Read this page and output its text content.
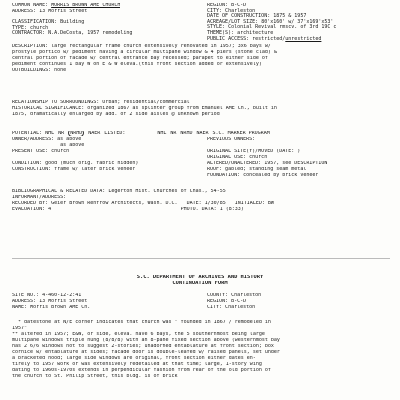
COMMON NAME: MORRIS BROWN AME CHURCH
ADDRESS: 13 Morris Street
CLASSIFICATION: Building
TYPE: church
CONTRACTOR: N.A.DeCosta, 1957 remodeling
REGION: B-C-D
CITY: Charleston
DATE OF CONSTRUCTION: 1875 & 1957
ACREAGE/LOT SIZE: 80'x160' w/ 37'x169'x53'
STYLE: Colonial Revival rmscv. of 3rd 19C c
THEME(S): architecture
PUBLIC ACCESS: restricted/unrestricted
DESCRIPTION: large rectangular frame church extensively renovated in 1957; 3x6 bays w/
prostyle portico w/ pediment having a circular multipane window & 4 piers (stone clad) &
central portion of facade w/ central entrance bay recessed; parapet to either side of
pediment continues 1 bay W on E & W eleva.(this front section added or extensively)
OUTBUILDINGS: none
RELATIONSHIP TO SURROUNDINGS: Urban; residential/commercial
HISTORICAL SIGNIFICANCE: organized 1867 as splinter group from Emanuel AME Ch., built in
1875, dramatically enlarged by add. of 2 side aisles @ unknown period
POTENTIAL: NHL NR NRHD NAER LISTED:	NHL NR NRHD NAER S.C. MARKER PROGRAM
OWNER/ADDRESS: as above
as above
PREVIOUS OWNERS:
PRESENT USE: church	ORIGINAL SITE(Y)/MOVED (DATE: )
ORIGINAL USE: church
CONDITION: good (much orig. fabric hidden)	ALTERED/UNALTERED: 1957, see DESCRIPTION
CONSTRUCTION: frame w/ later brick veneer	ROOF: gabled; standing seam metal
FOUNDATION: concealed by brick veneer
BIBLIOGRAPHICAL & RELATED DATA: Legerton Hist. Churches of Chas., 54-55
INFORMANT/ADDRESS:
RECORDED BY: Geier Brown Renfrow Architects, Wash. D.C.   DATE: 1/30/85   INITIALED: BW
EVALUATION: 4                                           PHOTO. DATA: 1 (8:33)
S.C. DEPARTMENT OF ARCHIVES AND HISTORY
CONTINUATION FORM
SITE NO.: 4-460-12-2:41
ADDRESS: 13 Morris Street
NAME: Morris Brown AME Ch.
COUNTY: Charleston
REGION: B-C-D
CITY: Charleston
* datestone at N/E corner indicates that church was " founded in 1867 / remodeled in
1957"
** altered in 1957; E&W, or side, eleva. have 6 bays, the 5 southernmost being large
multipane windows triple hung (8/8/8) with an 8-pane fixed section above (westernmost bay
has 2 6/6 windows not to suggest 2-stories; unadorned entablature at front section; box
cornice w/ entablature at sides; facade door is double-leafed w/ raised panels, set under
a bracketed hood; large side windows are original, front section either dates en-
tirely to 1957 work or was extensively redetailed at that time; large, 1-story wing
dating to 1960s-1970s extends in perpendicular fashion from rear of the old portion of
the church to St. Philip Street, this bldg. is of brick
